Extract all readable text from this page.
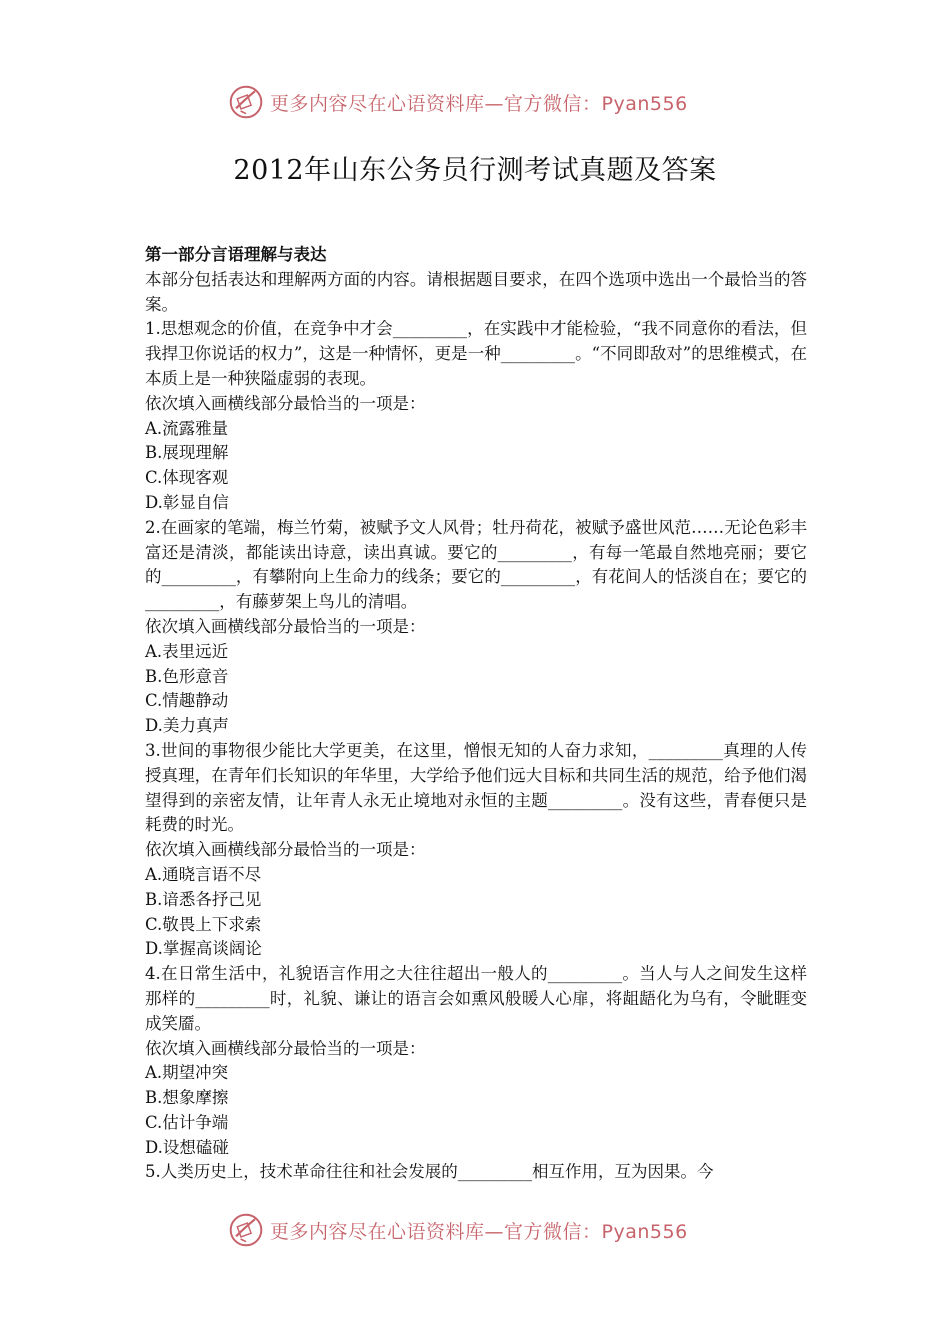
更多内容尽在心语资料库—官方微信：Pyan556
2012年山东公务员行测考试真题及答案

第一部分言语理解与表达

本部分包括表达和理解两方面的内容。请根据题目要求，在四个选项中选出一个最恰当的答案。

1.思想观念的价值，在竞争中才会_________，在实践中才能检验，“我不同意你的看法，但我捍卫你说话的权力”，这是一种情怀，更是一种_________。“不同即敌对”的思维模式，在本质上是一种狭隘虚弱的表现。

依次填入画横线部分最恰当的一项是：

A.流露雅量

B.展现理解

C.体现客观

D.彰显自信

2.在画家的笔端，梅兰竹菊，被赋予文人风骨；牡丹荷花，被赋予盛世风范……无论色彩丰富还是清淡，都能读出诗意，读出真诚。要它的_________，有每一笔最自然地亮丽；要它的_________，有攀附向上生命力的线条；要它的_________，有花间人的恬淡自在；要它的_________，有藤萝架上鸟儿的清唱。

依次填入画横线部分最恰当的一项是：

A.表里远近

B.色形意音

C.情趣静动

D.美力真声

3.世间的事物很少能比大学更美，在这里，憎恨无知的人奋力求知，_________真理的人传授真理，在青年们长知识的年华里，大学给予他们远大目标和共同生活的规范，给予他们渴望得到的亲密友情，让年青人永无止境地对永恒的主题_________。没有这些，青春便只是耗费的时光。

依次填入画横线部分最恰当的一项是：

A.通晓言语不尽

B.谙悉各抒己见

C.敬畏上下求索

D.掌握高谈阔论

4.在日常生活中，礼貌语言作用之大往往超出一般人的_________。当人与人之间发生这样那样的_________时，礼貌、谦让的语言会如熏风般暖人心扉，将龃龉化为乌有，令眦睚变成笑靥。

依次填入画横线部分最恰当的一项是：

A.期望冲突

B.想象摩擦

C.估计争端

D.设想磕碰

5.人类历史上，技术革命往往和社会发展的_________相互作用，互为因果。今

更多内容尽在心语资料库—官方微信：Pyan556
